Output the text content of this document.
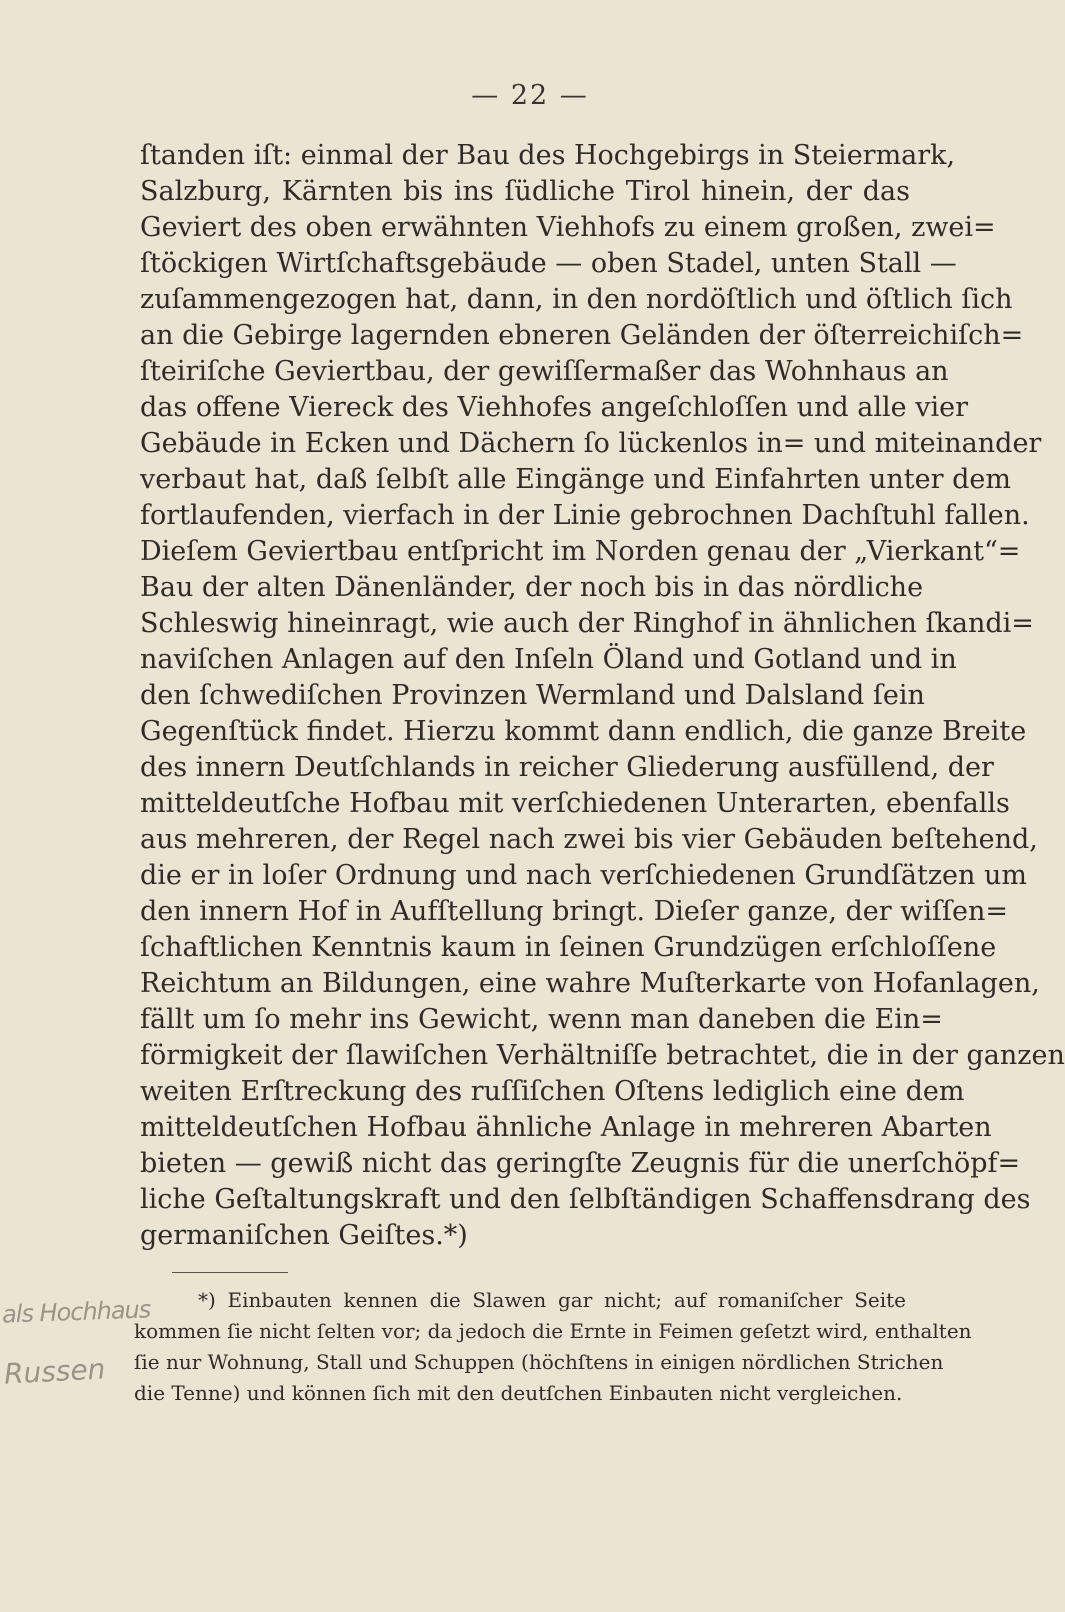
— 22 —
ſtanden iſt: einmal der Bau des Hochgebirgs in Steiermark,
Salzburg, Kärnten bis ins ſüdliche Tirol hinein, der das
Geviert des oben erwähnten Viehhofs zu einem großen, zwei=
ſtöckigen Wirtſchaftsgebäude — oben Stadel, unten Stall —
zuſammengezogen hat, dann, in den nordöſtlich und öſtlich ſich
an die Gebirge lagernden ebneren Geländen der öſterreichiſch=
ſteiriſche Geviertbau, der gewiſſermaßer das Wohnhaus an
das offene Viereck des Viehhofes angeſchloſſen und alle vier
Gebäude in Ecken und Dächern ſo lückenlos in= und miteinander
verbaut hat, daß ſelbſt alle Eingänge und Einfahrten unter dem
fortlaufenden, vierfach in der Linie gebrochnen Dachſtuhl fallen.
Dieſem Geviertbau entſpricht im Norden genau der „Vierkant“=
Bau der alten Dänenländer, der noch bis in das nördliche
Schleswig hineinragt, wie auch der Ringhof in ähnlichen ſkandi=
naviſchen Anlagen auf den Inſeln Öland und Gotland und in
den ſchwediſchen Provinzen Wermland und Dalsland ſein
Gegenſtück findet. Hierzu kommt dann endlich, die ganze Breite
des innern Deutſchlands in reicher Gliederung ausfüllend, der
mitteldeutſche Hofbau mit verſchiedenen Unterarten, ebenfalls
aus mehreren, der Regel nach zwei bis vier Gebäuden beſtehend,
die er in loſer Ordnung und nach verſchiedenen Grundſätzen um
den innern Hof in Aufſtellung bringt. Dieſer ganze, der wiſſen=
ſchaftlichen Kenntnis kaum in ſeinen Grundzügen erſchloſſene
Reichtum an Bildungen, eine wahre Muſterkarte von Hofanlagen,
fällt um ſo mehr ins Gewicht, wenn man daneben die Ein=
förmigkeit der ſlawiſchen Verhältniſſe betrachtet, die in der ganzen
weiten Erſtreckung des ruſſiſchen Oſtens lediglich eine dem
mitteldeutſchen Hofbau ähnliche Anlage in mehreren Abarten
bieten — gewiß nicht das geringſte Zeugnis für die unerſchöpf=
liche Geſtaltungskraft und den ſelbſtändigen Schaffensdrang des
germaniſchen Geiſtes.*)
*) Einbauten kennen die Slawen gar nicht; auf romaniſcher Seite
kommen ſie nicht ſelten vor; da jedoch die Ernte in Feimen geſetzt wird, enthalten
ſie nur Wohnung, Stall und Schuppen (höchſtens in einigen nördlichen Strichen
die Tenne) und können ſich mit den deutſchen Einbauten nicht vergleichen.
als Hochhaus
Russen
